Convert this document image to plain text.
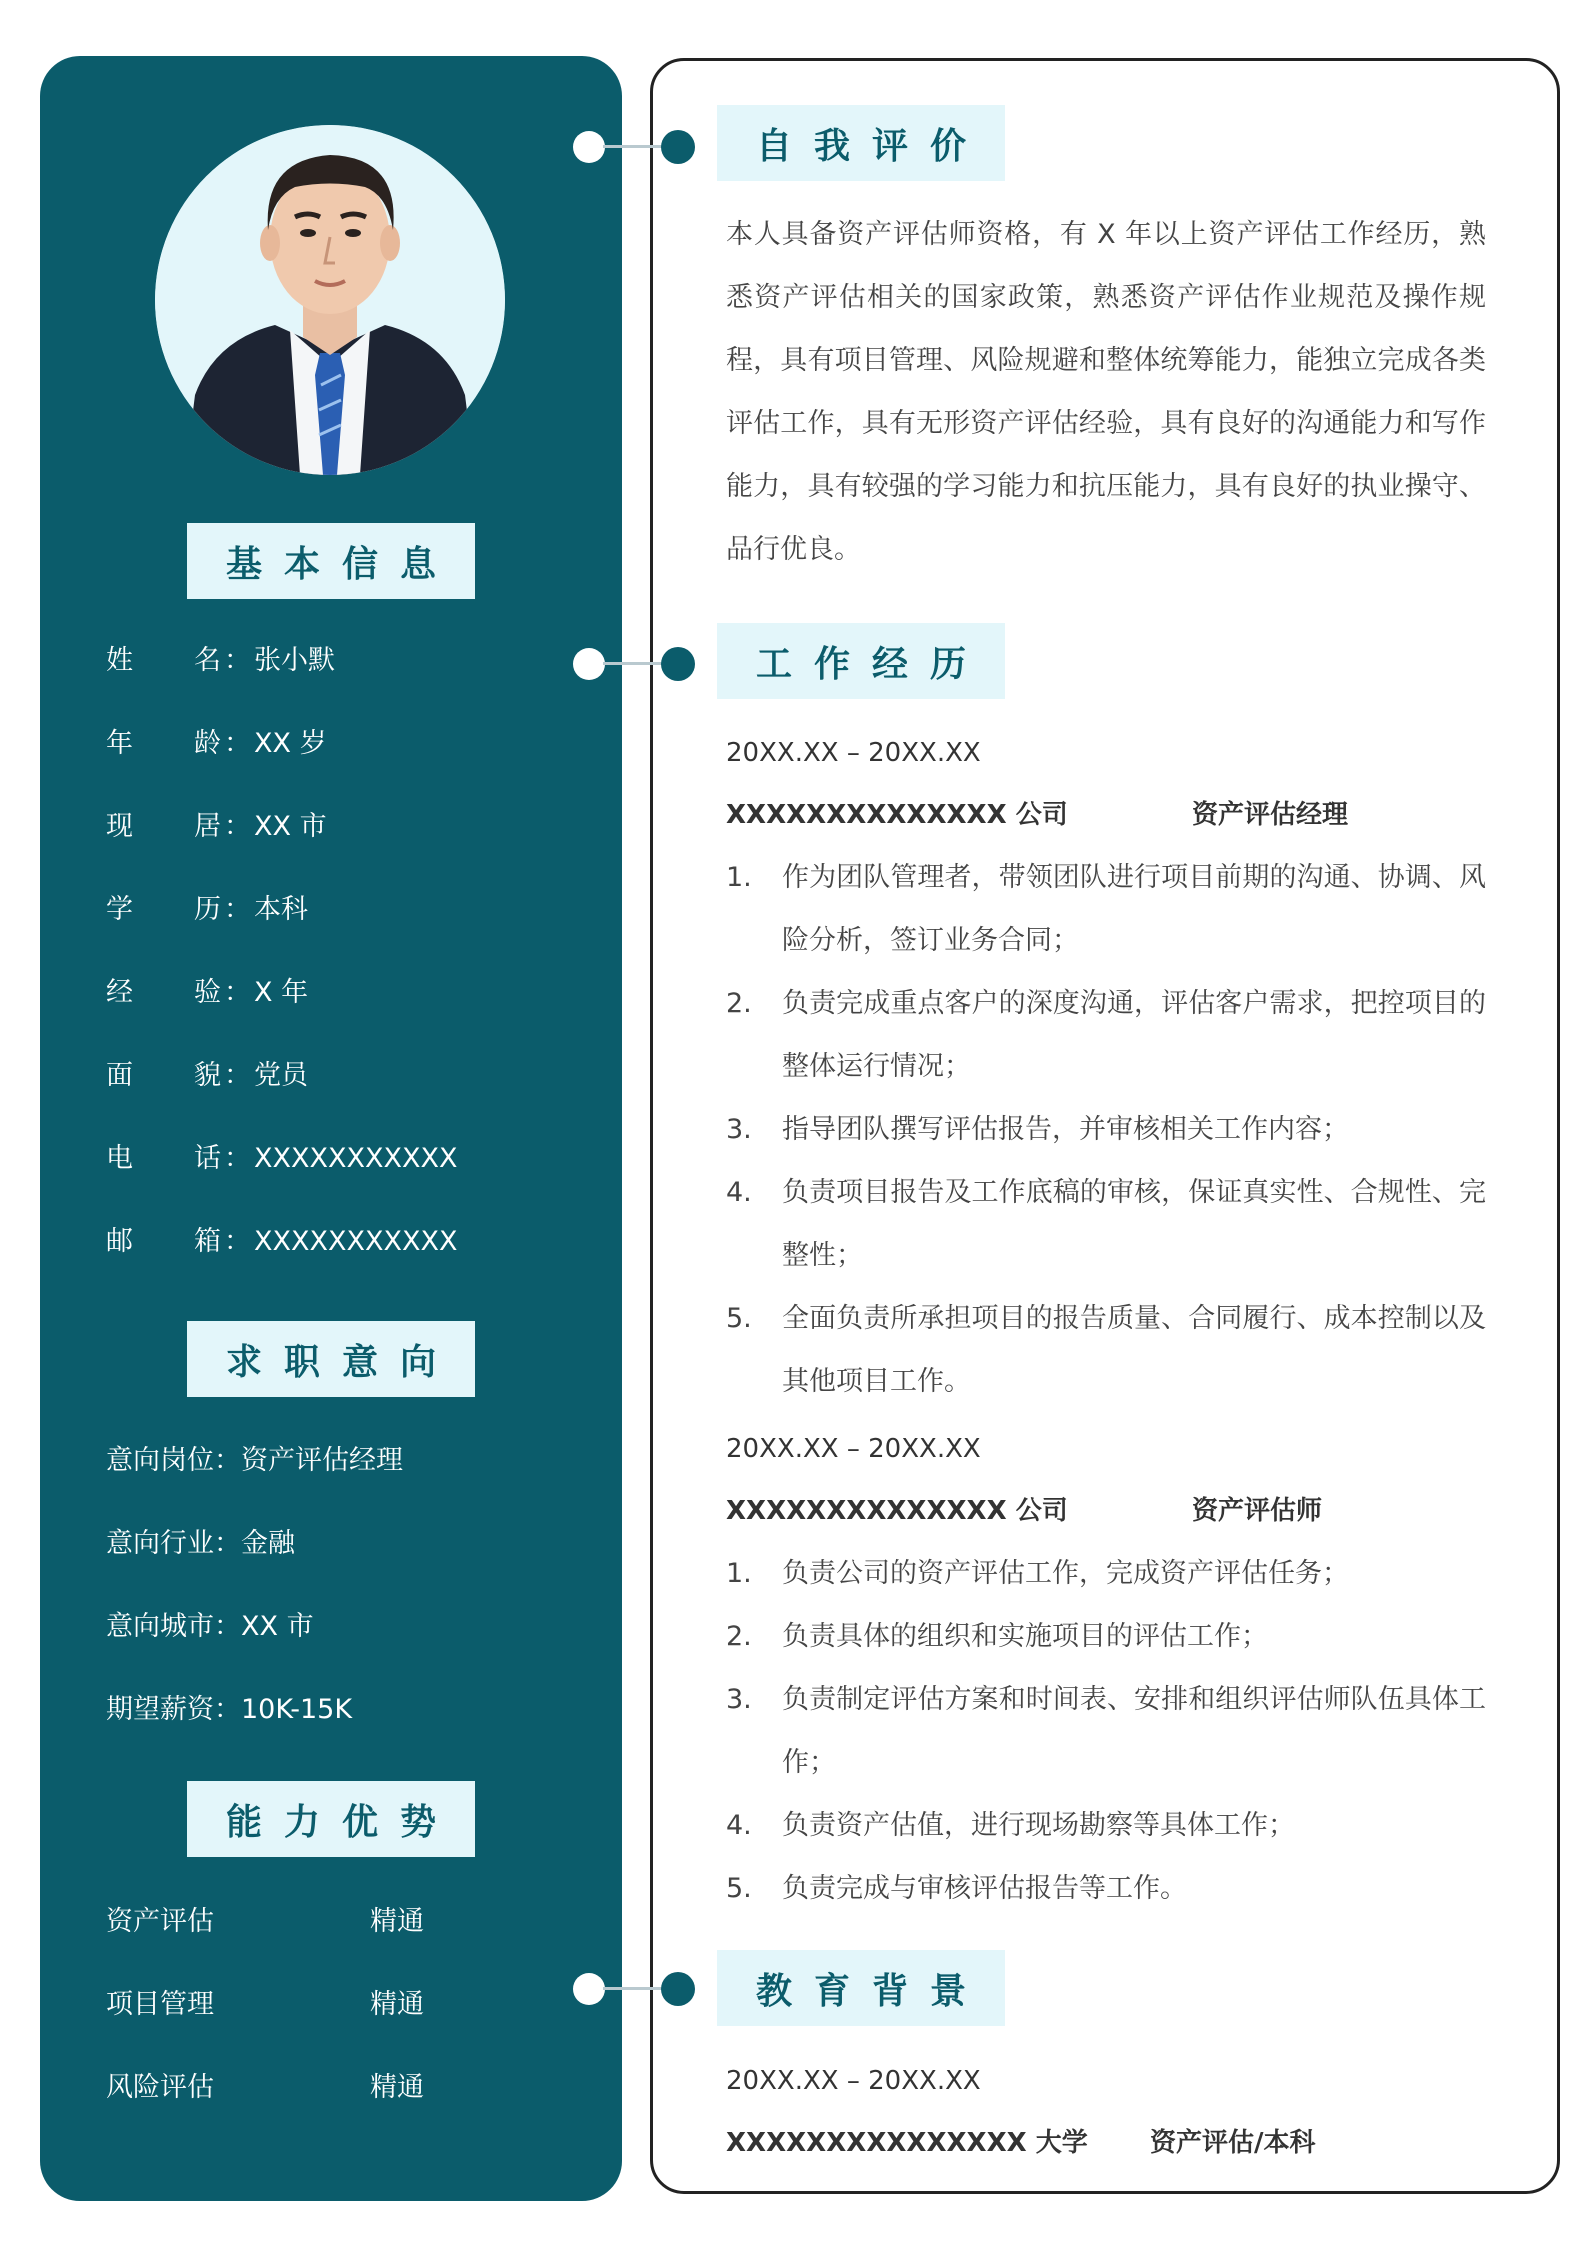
基本信息
姓 名 ： 张小默
年 龄 ： XX 岁
现 居 ： XX 市
学 历 ： 本科
经 验 ： X 年
面 貌 ： 党员
电 话 ： XXXXXXXXXXX
邮 箱 ： XXXXXXXXXXX
求职意向
意向岗位：资产评估经理
意向行业：金融
意向城市：XX 市
期望薪资：10K-15K
能力优势
资产评估	精通
项目管理	精通
风险评估	精通
自我评价

本人具备资产评估师资格，有 X 年以上资产评估工作经历，熟悉资产评估相关的国家政策，熟悉资产评估作业规范及操作规程，具有项目管理、风险规避和整体统筹能力，能独立完成各类评估工作，具有无形资产评估经验，具有良好的沟通能力和写作能力，具有较强的学习能力和抗压能力，具有良好的执业操守、品行优良。

工作经历
20XX.XX – 20XX.XX
XXXXXXXXXXXXXX 公司	资产评估经理
1. 作为团队管理者，带领团队进行项目前期的沟通、协调、风险分析，签订业务合同；
2. 负责完成重点客户的深度沟通，评估客户需求，把控项目的整体运行情况；
3. 指导团队撰写评估报告，并审核相关工作内容；
4. 负责项目报告及工作底稿的审核，保证真实性、合规性、完整性；
5. 全面负责所承担项目的报告质量、合同履行、成本控制以及其他项目工作。
20XX.XX – 20XX.XX
XXXXXXXXXXXXXX 公司	资产评估师
1. 负责公司的资产评估工作，完成资产评估任务；
2. 负责具体的组织和实施项目的评估工作；
3. 负责制定评估方案和时间表、安排和组织评估师队伍具体工作；
4. 负责资产估值，进行现场勘察等具体工作；
5. 负责完成与审核评估报告等工作。
教育背景
20XX.XX – 20XX.XX
XXXXXXXXXXXXXXX 大学 资产评估/本科
